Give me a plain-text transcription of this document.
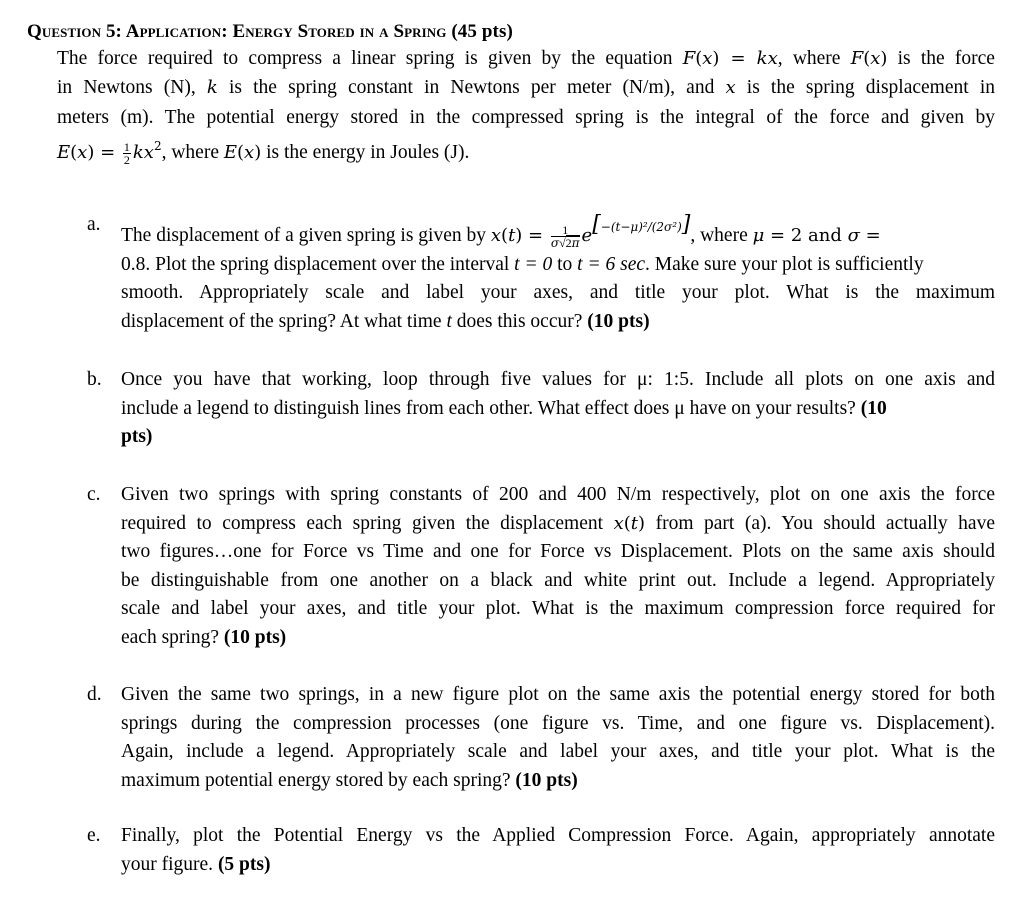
Question 5: Application: Energy Stored in a Spring (45 pts)
The force required to compress a linear spring is given by the equation F(x) = kx, where F(x) is the force
in Newtons (N), k is the spring constant in Newtons per meter (N/m), and x is the spring displacement in
meters (m). The potential energy stored in the compressed spring is the integral of the force and given by
$E(x) = \frac{1}{2} kx^2$, where E(x) is the energy in Joules (J).
a.
The displacement of a given spring is given by $x(t) = \frac{1}{\sigma√2\pi} e[-(t-\mu)^2/(2\sigma^2)]$, where μ = 2 and σ =
0.8. Plot the spring displacement over the interval t = 0 to t = 6 sec. Make sure your plot is sufficiently
smooth. Appropriately scale and label your axes, and title your plot. What is the maximum
displacement of the spring? At what time t does this occur? (10 pts)
b. Once you have that working, loop through five values for μ: 1:5. Include all plots on one axis and
include a legend to distinguish lines from each other. What effect does μ have on your results? (10
pts)
c. Given two springs with spring constants of 200 and 400 N/m respectively, plot on one axis the force
required to compress each spring given the displacement x(t) from part (a). You should actually have
two figures…one for Force vs Time and one for Force vs Displacement. Plots on the same axis should
be distinguishable from one another on a black and white print out. Include a legend. Appropriately
scale and label your axes, and title your plot. What is the maximum compression force required for
each spring? (10 pts)
d. Given the same two springs, in a new figure plot on the same axis the potential energy stored for both
springs during the compression processes (one figure vs. Time, and one figure vs. Displacement).
Again, include a legend. Appropriately scale and label your axes, and title your plot. What is the
maximum potential energy stored by each spring? (10 pts)
e. Finally, plot the Potential Energy vs the Applied Compression Force. Again, appropriately annotate
your figure. (5 pts)
